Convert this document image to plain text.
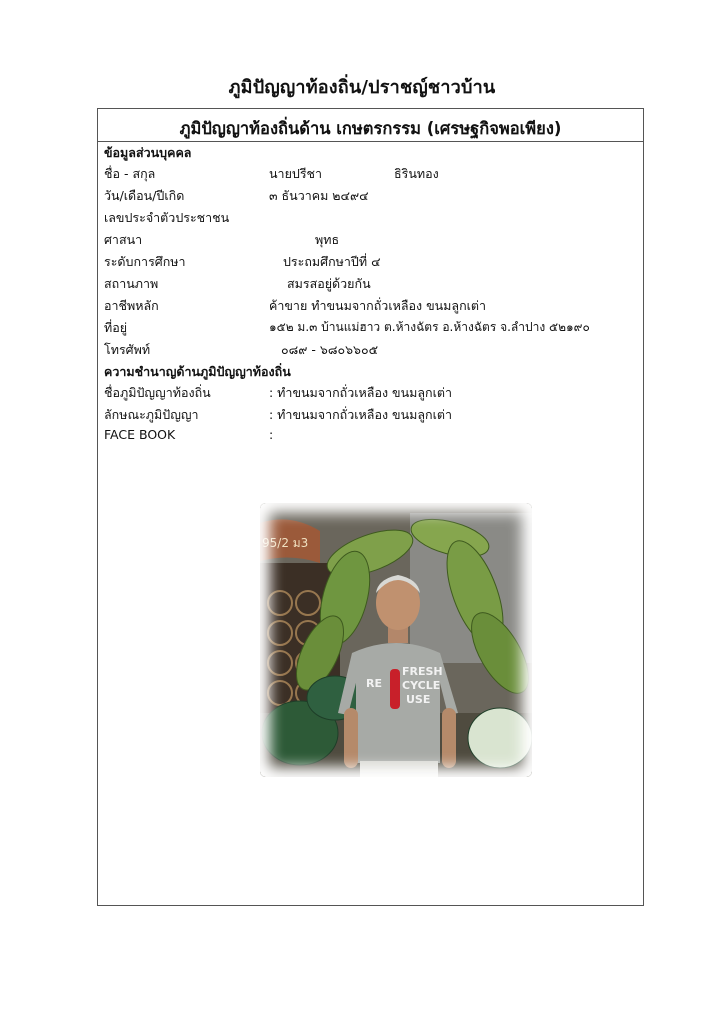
ภูมิปัญญาท้องถิ่น/ปราชญ์ชาวบ้าน
ภูมิปัญญาท้องถิ่นด้าน เกษตรกรรม (เศรษฐกิจพอเพียง)
ข้อมูลส่วนบุคคล
ชื่อ - สกุล	นายปรีชา	ธิรินทอง
วัน/เดือน/ปีเกิด	๓ ธันวาคม ๒๔๙๔
เลขประจำตัวประชาชน
ศาสนา	พุทธ
ระดับการศึกษา	ประถมศึกษาปีที่ ๔
สถานภาพ	สมรสอยู่ด้วยกัน
อาชีพหลัก	ค้าขาย ทำขนมจากถั่วเหลือง ขนมลูกเต่า
ที่อยู่	๑๕๒ ม.๓ บ้านแม่ฮาว ต.ห้างฉัตร อ.ห้างฉัตร จ.ลำปาง ๕๒๑๙๐
โทรศัพท์	๐๘๙ - ๖๘๐๖๖๐๕
ความชำนาญด้านภูมิปัญญาท้องถิ่น
ชื่อภูมิปัญญาท้องถิ่น	: ทำขนมจากถั่วเหลือง ขนมลูกเต่า
ลักษณะภูมิปัญญา	: ทำขนมจากถั่วเหลือง ขนมลูกเต่า
FACE BOOK	:
95/2 ม3
RE
FRESH
CYCLE
USE
